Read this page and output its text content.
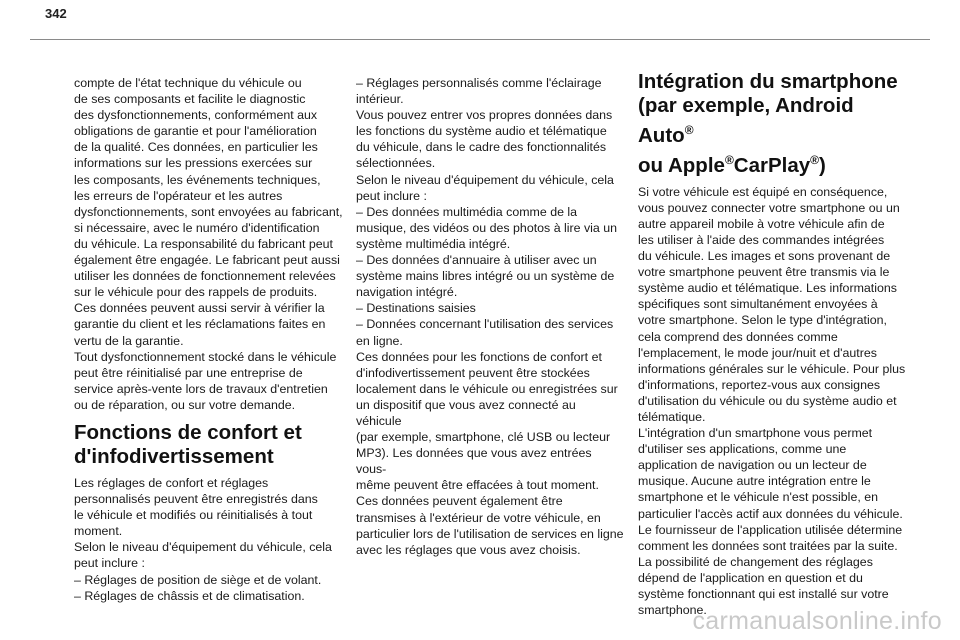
342

compte de l'état technique du véhicule ou
de ses composants et facilite le diagnostic
des dysfonctionnements, conformément aux
obligations de garantie et pour l'amélioration
de la qualité. Ces données, en particulier les
informations sur les pressions exercées sur
les composants, les événements techniques,
les erreurs de l'opérateur et les autres
dysfonctionnements, sont envoyées au fabricant,
si nécessaire, avec le numéro d'identification
du véhicule. La responsabilité du fabricant peut
également être engagée. Le fabricant peut aussi
utiliser les données de fonctionnement relevées
sur le véhicule pour des rappels de produits.
Ces données peuvent aussi servir à vérifier la
garantie du client et les réclamations faites en
vertu de la garantie.
Tout dysfonctionnement stocké dans le véhicule
peut être réinitialisé par une entreprise de
service après-vente lors de travaux d'entretien
ou de réparation, ou sur votre demande.

Fonctions de confort et
d'infodivertissement

Les réglages de confort et réglages
personnalisés peuvent être enregistrés dans
le véhicule et modifiés ou réinitialisés à tout
moment.
Selon le niveau d'équipement du véhicule, cela
peut inclure :
– Réglages de position de siège et de volant.
– Réglages de châssis et de climatisation.

– Réglages personnalisés comme l'éclairage
intérieur.
Vous pouvez entrer vos propres données dans
les fonctions du système audio et télématique
du véhicule, dans le cadre des fonctionnalités
sélectionnées.
Selon le niveau d'équipement du véhicule, cela
peut inclure :
– Des données multimédia comme de la
musique, des vidéos ou des photos à lire via un
système multimédia intégré.
– Des données d'annuaire à utiliser avec un
système mains libres intégré ou un système de
navigation intégré.
– Destinations saisies
– Données concernant l'utilisation des services
en ligne.
Ces données pour les fonctions de confort et
d'infodivertissement peuvent être stockées
localement dans le véhicule ou enregistrées sur
un dispositif que vous avez connecté au véhicule
(par exemple, smartphone, clé USB ou lecteur
MP3). Les données que vous avez entrées vous-
même peuvent être effacées à tout moment.
Ces données peuvent également être
transmises à l'extérieur de votre véhicule, en
particulier lors de l'utilisation de services en ligne
avec les réglages que vous avez choisis.

Intégration du smartphone
(par exemple, Android Auto®
ou Apple®CarPlay®)

Si votre véhicule est équipé en conséquence,
vous pouvez connecter votre smartphone ou un
autre appareil mobile à votre véhicule afin de
les utiliser à l'aide des commandes intégrées
du véhicule. Les images et sons provenant de
votre smartphone peuvent être transmis via le
système audio et télématique. Les informations
spécifiques sont simultanément envoyées à
votre smartphone. Selon le type d'intégration,
cela comprend des données comme
l'emplacement, le mode jour/nuit et d'autres
informations générales sur le véhicule. Pour plus
d'informations, reportez-vous aux consignes
d'utilisation du véhicule ou du système audio et
télématique.
L'intégration d'un smartphone vous permet
d'utiliser ses applications, comme une
application de navigation ou un lecteur de
musique. Aucune autre intégration entre le
smartphone et le véhicule n'est possible, en
particulier l'accès actif aux données du véhicule.
Le fournisseur de l'application utilisée détermine
comment les données sont traitées par la suite.
La possibilité de changement des réglages
dépend de l'application en question et du
système fonctionnant qui est installé sur votre
smartphone.

carmanualsonline.info
